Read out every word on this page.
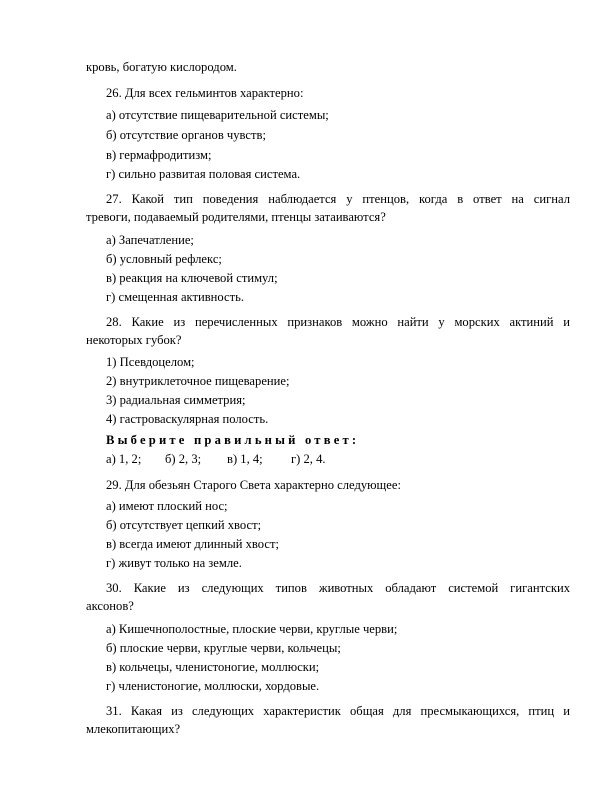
кровь, богатую кислородом.
26. Для всех гельминтов характерно:
а) отсутствие пищеварительной системы;
б) отсутствие органов чувств;
в) гермафродитизм;
г) сильно развитая половая система.
27. Какой тип поведения наблюдается у птенцов, когда в ответ на сигнал
тревоги, подаваемый родителями, птенцы затаиваются?
а) Запечатление;
б) условный рефлекс;
в) реакция на ключевой стимул;
г) смещенная активность.
28. Какие из перечисленных признаков можно найти у морских актиний и
некоторых губок?
1) Псевдоцелом;
2) внутриклеточное пищеварение;
3) радиальная симметрия;
4) гастроваскулярная полость.
Выберите правильный ответ:
а) 1, 2; б) 2, 3; в) 1, 4; г) 2, 4.
29. Для обезьян Старого Света характерно следующее:
а) имеют плоский нос;
б) отсутствует цепкий хвост;
в) всегда имеют длинный хвост;
г) живут только на земле.
30. Какие из следующих типов животных обладают системой гигантских
аксонов?
а) Кишечнополостные, плоские черви, круглые черви;
б) плоские черви, круглые черви, кольчецы;
в) кольчецы, членистоногие, моллюски;
г) членистоногие, моллюски, хордовые.
31. Какая из следующих характеристик общая для пресмыкающихся, птиц и
млекопитающих?
